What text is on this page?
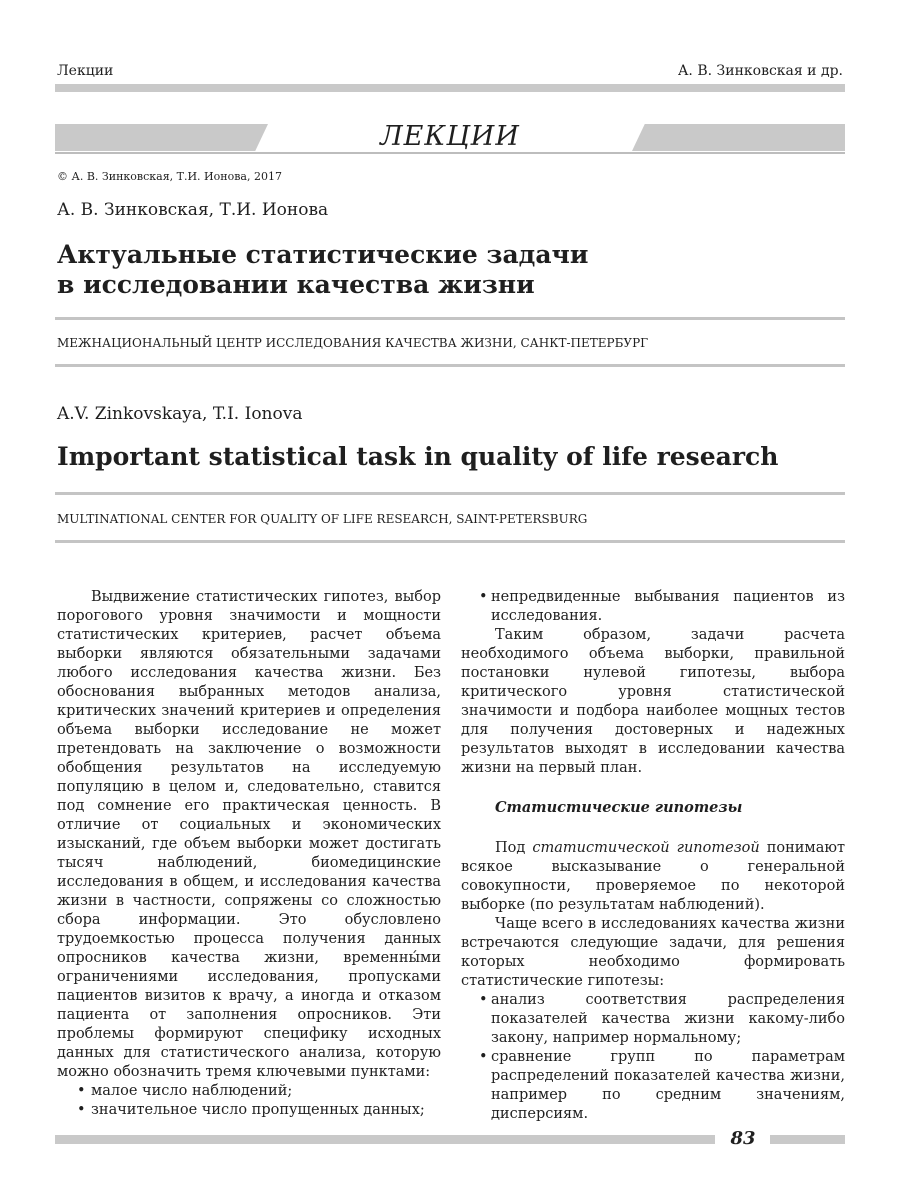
Лекции	А. В. Зинковская и др.
ЛЕКЦИИ
© А. В. Зинковская, Т.И. Ионова, 2017
А. В. Зинковская, Т.И. Ионова
Актуальные статистические задачи
в исследовании качества жизни
МЕЖНАЦИОНАЛЬНЫЙ ЦЕНТР ИССЛЕДОВАНИЯ КАЧЕСТВА ЖИЗНИ, САНКТ-ПЕТЕРБУРГ
A.V. Zinkovskaya, T.I. Ionova
Important statistical task in quality of life research
MULTINATIONAL CENTER FOR QUALITY OF LIFE RESEARCH, SAINT-PETERSBURG

Выдвижение статистических гипотез, выбор порогового уровня значимости и мощности статистических критериев, расчет объема выборки являются обязательными задачами любого исследования качества жизни. Без обоснования выбранных методов анализа, критических значений критериев и определения объема выборки исследование не может претендовать на заключение о возможности обобщения результатов на исследуемую популяцию в целом и, следовательно, ставится под сомнение его практическая ценность. В отличие от социальных и экономических изысканий, где объем выборки может достигать тысяч наблюдений, биомедицинские исследования в общем, и исследования качества жизни в частности, сопряжены со сложностью сбора информации. Это обусловлено трудоемкостью процесса получения данных опросников качества жизни, временны́ми ограничениями исследования, пропусками пациентов визитов к врачу, а иногда и отказом пациента от заполнения опросников. Эти проблемы формируют специфику исходных данных для статистического анализа, которую можно обозначить тремя ключевыми пунктами:

• малое число наблюдений;
• значительное число пропущенных данных;
• непредвиденные выбывания пациентов из исследования.

Таким образом, задачи расчета необходимого объема выборки, правильной постановки нулевой гипотезы, выбора критического уровня статистической значимости и подбора наиболее мощных тестов для получения достоверных и надежных результатов выходят в исследовании качества жизни на первый план.

Статистические гипотезы

Под статистической гипотезой понимают всякое высказывание о генеральной совокупности, проверяемое по некоторой выборке (по результатам наблюдений).

Чаще всего в исследованиях качества жизни встречаются следующие задачи, для решения которых необходимо формировать статистические гипотезы:

• анализ соответствия распределения показателей качества жизни какому-либо закону, например нормальному;
• сравнение групп по параметрам распределений показателей качества жизни, например по средним значениям, дисперсиям.
83
